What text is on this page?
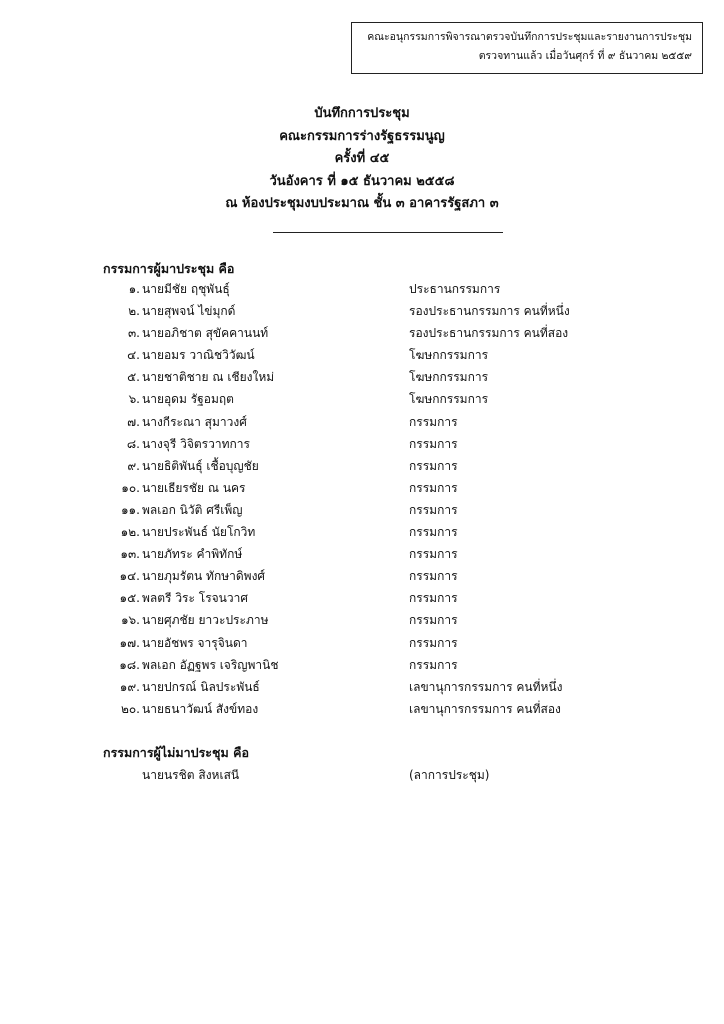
คณะอนุกรรมการพิจารณาตรวจบันทึกการประชุมและรายงานการประชุม
ตรวจทานแล้ว เมื่อวันศุกร์ ที่ ๙ ธันวาคม ๒๕๕๙
บันทึกการประชุม
คณะกรรมการร่างรัฐธรรมนูญ
ครั้งที่ ๔๕
วันอังคาร ที่ ๑๕ ธันวาคม ๒๕๕๘
ณ ห้องประชุมงบประมาณ ชั้น ๓ อาคารรัฐสภา ๓
กรรมการผู้มาประชุม คือ
๑. นายมีชัย ฤชุพันธุ์	ประธานกรรมการ
๒. นายสุพจน์ ไข่มุกด์	รองประธานกรรมการ คนที่หนึ่ง
๓. นายอภิชาต สุขัคคานนท์	รองประธานกรรมการ คนที่สอง
๔. นายอมร วาณิชวิวัฒน์	โฆษกกรรมการ
๕. นายชาติชาย ณ เชียงใหม่	โฆษกกรรมการ
๖. นายอุดม รัฐอมฤต	โฆษกกรรมการ
๗. นางกีระณา สุมาวงศ์	กรรมการ
๘. นางจุรี วิจิตรวาทการ	กรรมการ
๙. นายธิติพันธุ์ เชื้อบุญชัย	กรรมการ
๑๐. นายเธียรชัย ณ นคร	กรรมการ
๑๑. พลเอก นิวัติ ศรีเพ็ญ	กรรมการ
๑๒. นายประพันธ์ นัยโกวิท	กรรมการ
๑๓. นายภัทระ คำพิทักษ์	กรรมการ
๑๔. นายภุมรัตน ทักษาดิพงศ์	กรรมการ
๑๕. พลตรี วิระ โรจนวาศ	กรรมการ
๑๖. นายศุภชัย ยาวะประภาษ	กรรมการ
๑๗. นายอัชพร จารุจินดา	กรรมการ
๑๘. พลเอก อัฏฐพร เจริญพานิช	กรรมการ
๑๙. นายปกรณ์ นิลประพันธ์	เลขานุการกรรมการ คนที่หนึ่ง
๒๐. นายธนาวัฒน์ สังข์ทอง	เลขานุการกรรมการ คนที่สอง
กรรมการผู้ไม่มาประชุม คือ
นายนรชิต สิงหเสนี	(ลาการประชุม)
